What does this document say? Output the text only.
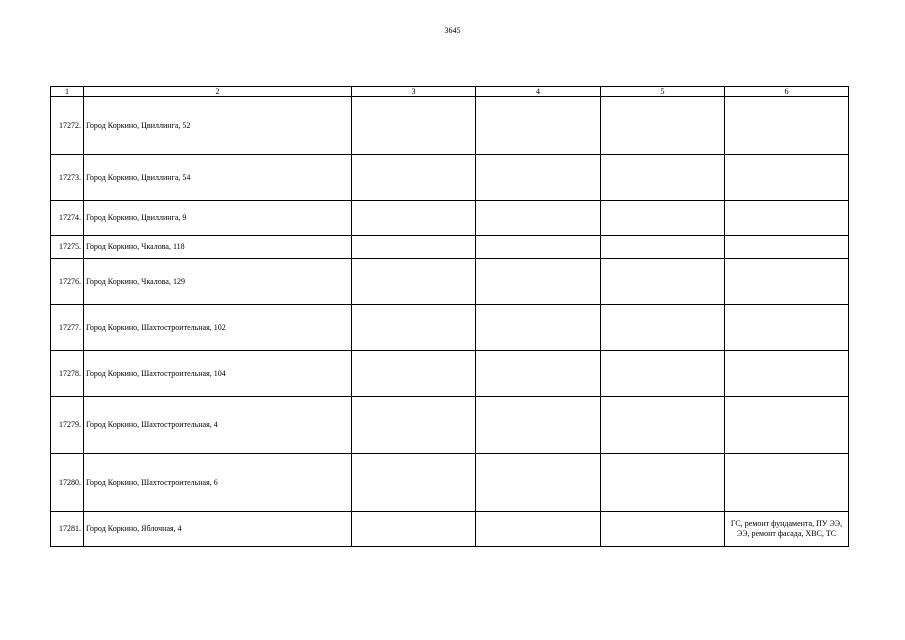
3645
1	2	3	4	5	6
17272.	Город Коркино, Цвиллинга, 52				
17273.	Город Коркино, Цвиллинга, 54				
17274.	Город Коркино, Цвиллинга, 9				
17275.	Город Коркино, Чкалова, 118				
17276.	Город Коркино, Чкалова, 129				
17277.	Город Коркино, Шахтостроительная, 102				
17278.	Город Коркино, Шахтостроительная, 104				
17279.	Город Коркино, Шахтостроительная, 4				
17280.	Город Коркино, Шахтостроительная, 6				
17281.	Город Коркино, Яблочная, 4				ГС, ремонт фундамента, ПУ ЭЭ, ЭЭ, ремонт фасада, ХВС, ТС
